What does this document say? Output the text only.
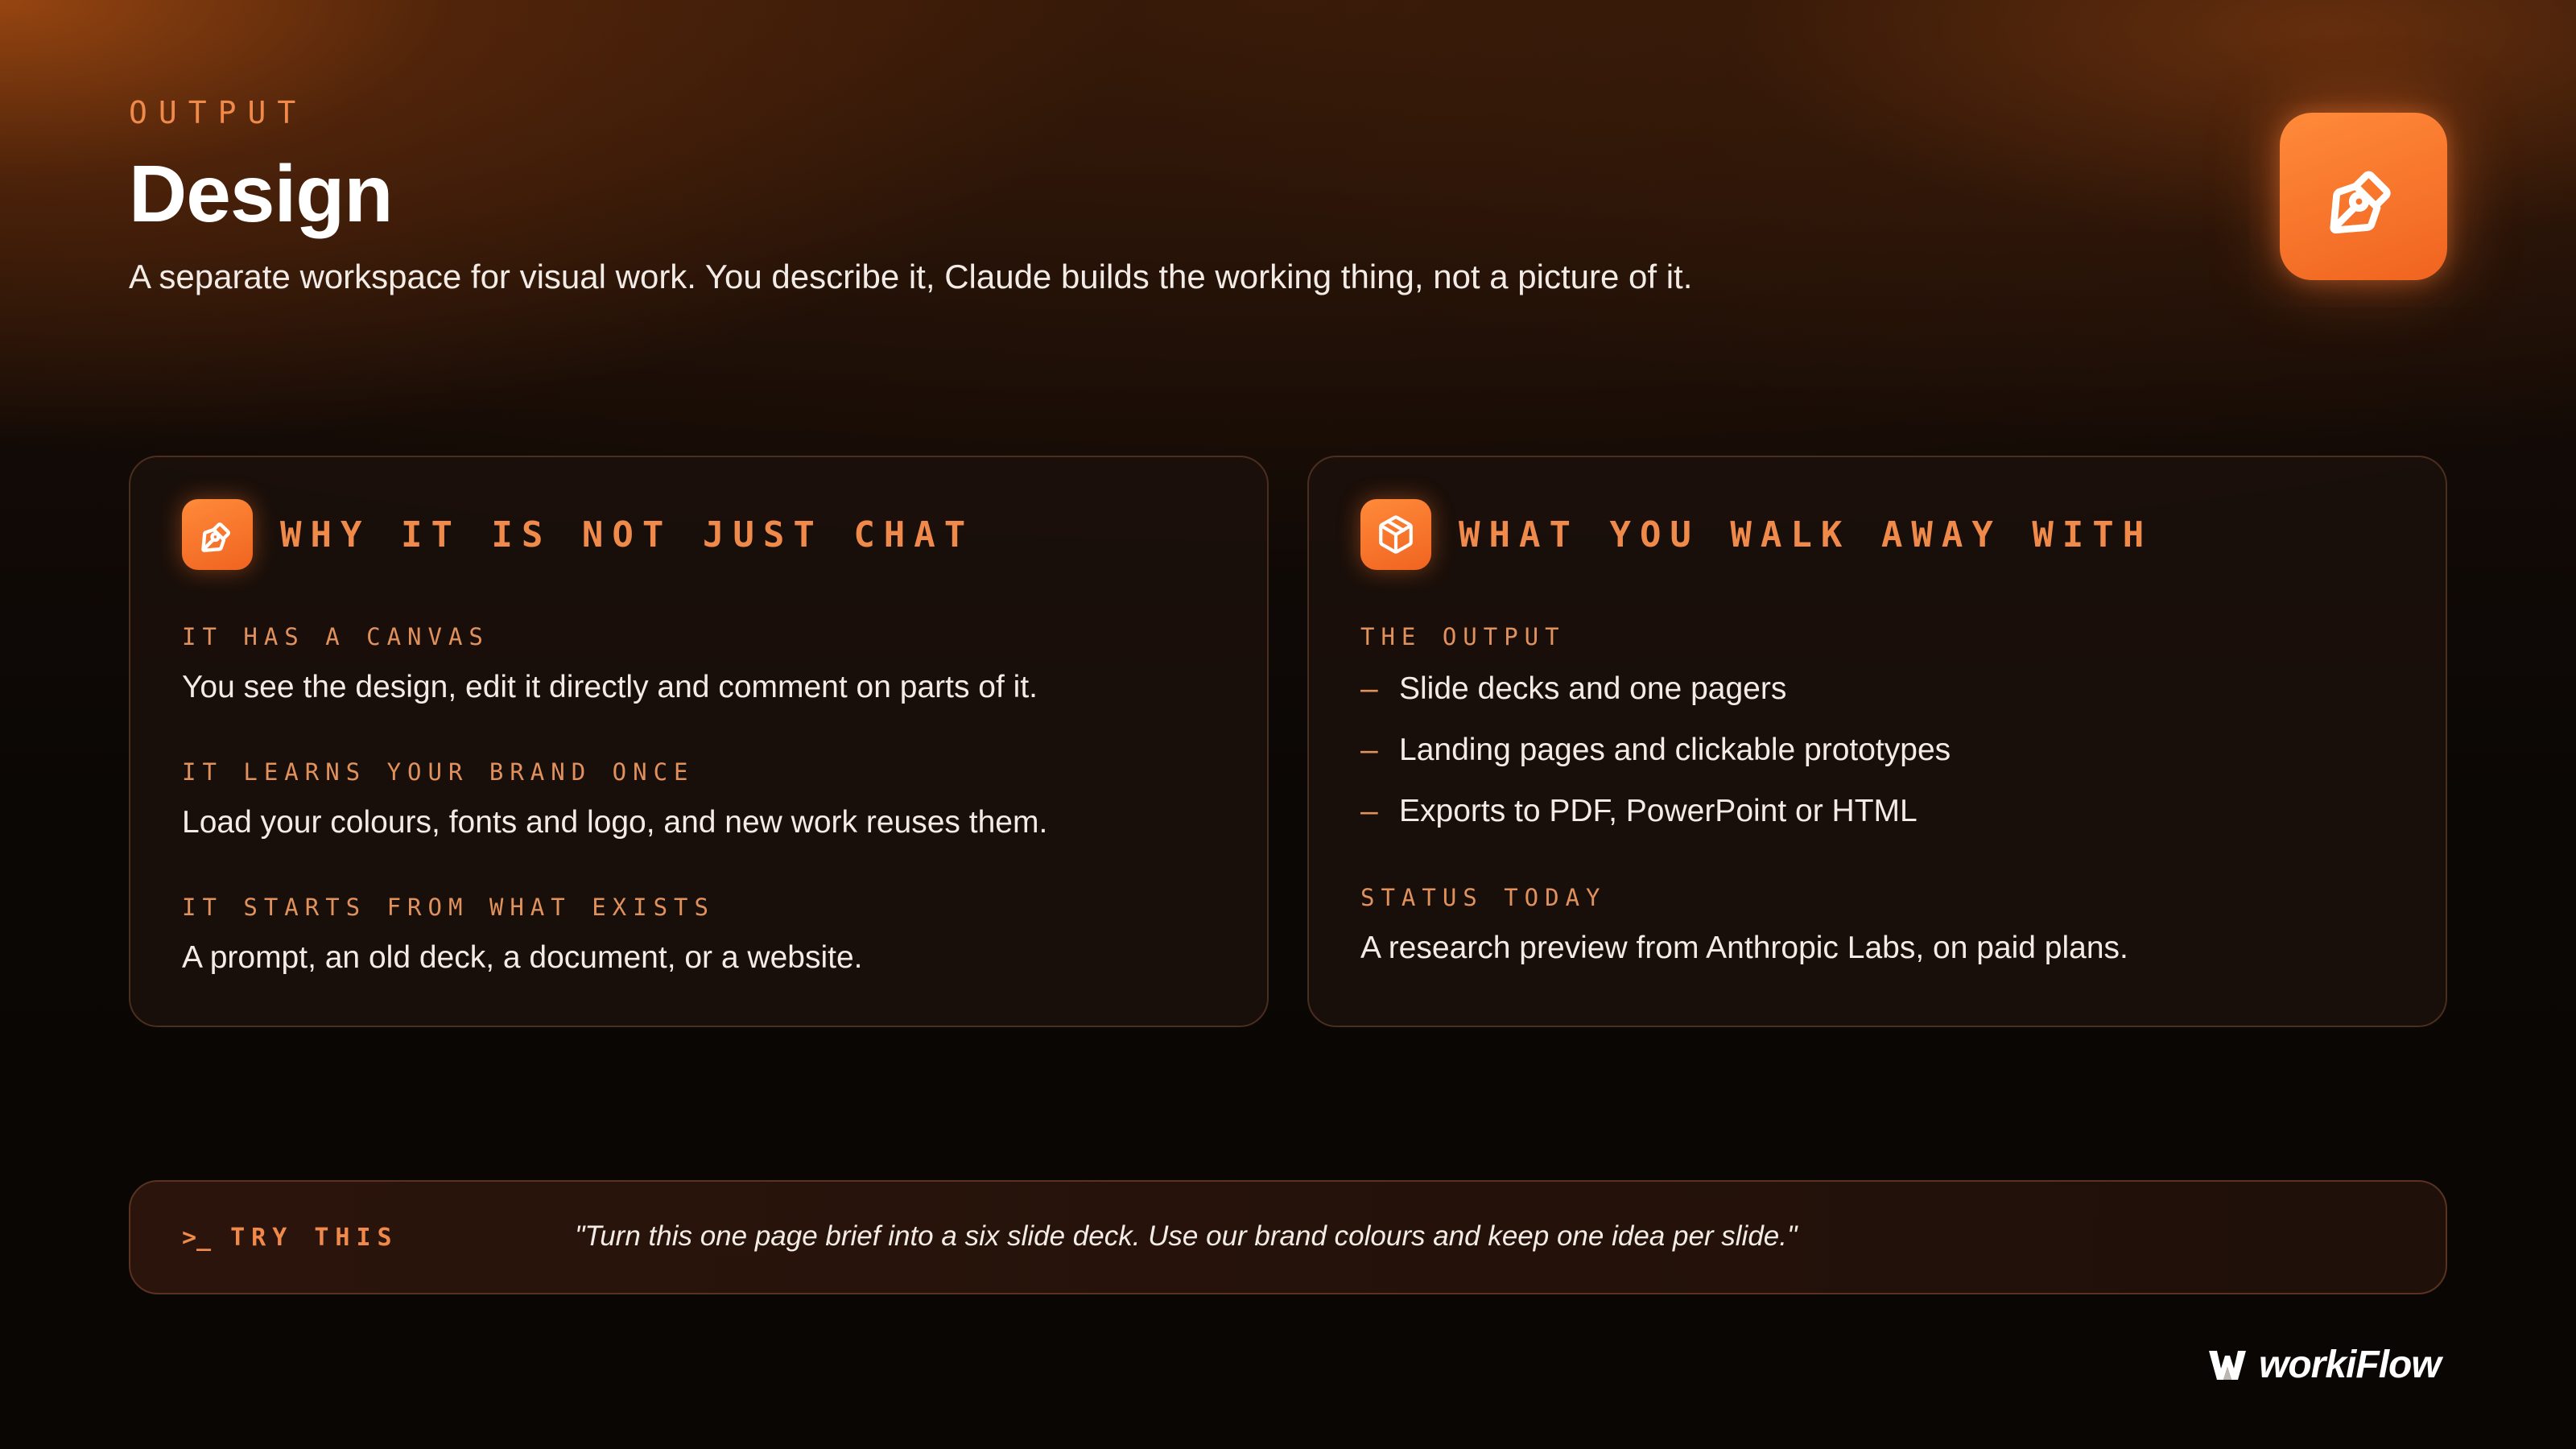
OUTPUT
Design
A separate workspace for visual work. You describe it, Claude builds the working thing, not a picture of it.
WHY IT IS NOT JUST CHAT
IT HAS A CANVAS
You see the design, edit it directly and comment on parts of it.
IT LEARNS YOUR BRAND ONCE
Load your colours, fonts and logo, and new work reuses them.
IT STARTS FROM WHAT EXISTS
A prompt, an old deck, a document, or a website.
WHAT YOU WALK AWAY WITH
THE OUTPUT
– Slide decks and one pagers
– Landing pages and clickable prototypes
– Exports to PDF, PowerPoint or HTML
STATUS TODAY
A research preview from Anthropic Labs, on paid plans.
>_ TRY THIS	"Turn this one page brief into a six slide deck. Use our brand colours and keep one idea per slide."
workiFlow
